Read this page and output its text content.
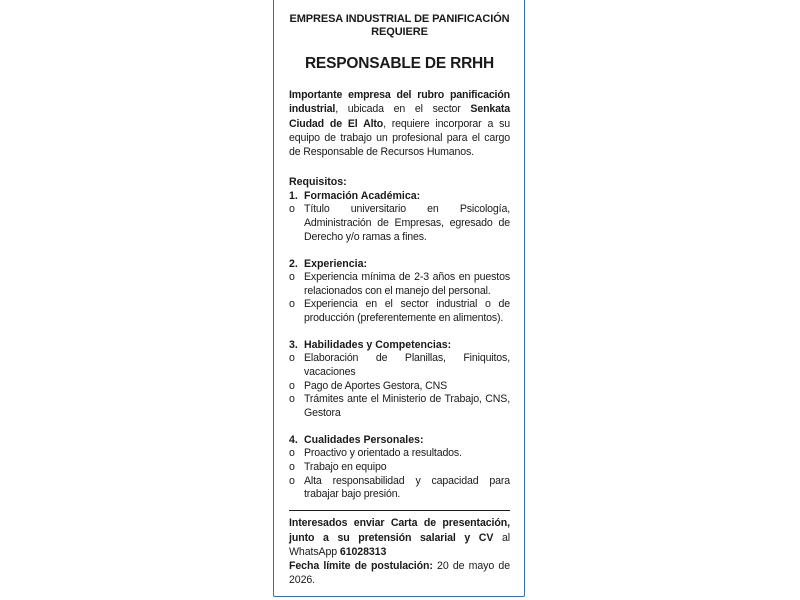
EMPRESA INDUSTRIAL DE PANIFICACIÓN REQUIERE
RESPONSABLE DE RRHH
Importante empresa del rubro panificación industrial, ubicada en el sector Senkata Ciudad de El Alto, requiere incorporar a su equipo de trabajo un profesional para el cargo de Responsable de Recursos Humanos.
Requisitos:
1. Formación Académica:
o Título universitario en Psicología, Administración de Empresas, egresado de Derecho y/o ramas a fines.
2. Experiencia:
o Experiencia mínima de 2-3 años en puestos relacionados con el manejo del personal.
o Experiencia en el sector industrial o de producción (preferentemente en alimentos).
3. Habilidades y Competencias:
o Elaboración de Planillas, Finiquitos, vacaciones
o Pago de Aportes Gestora, CNS
o Trámites ante el Ministerio de Trabajo, CNS, Gestora
4. Cualidades Personales:
o Proactivo y orientado a resultados.
o Trabajo en equipo
o Alta responsabilidad y capacidad para trabajar bajo presión.
Interesados enviar Carta de presentación, junto a su pretensión salarial y CV al WhatsApp 61028313
Fecha límite de postulación: 20 de mayo de 2026.
